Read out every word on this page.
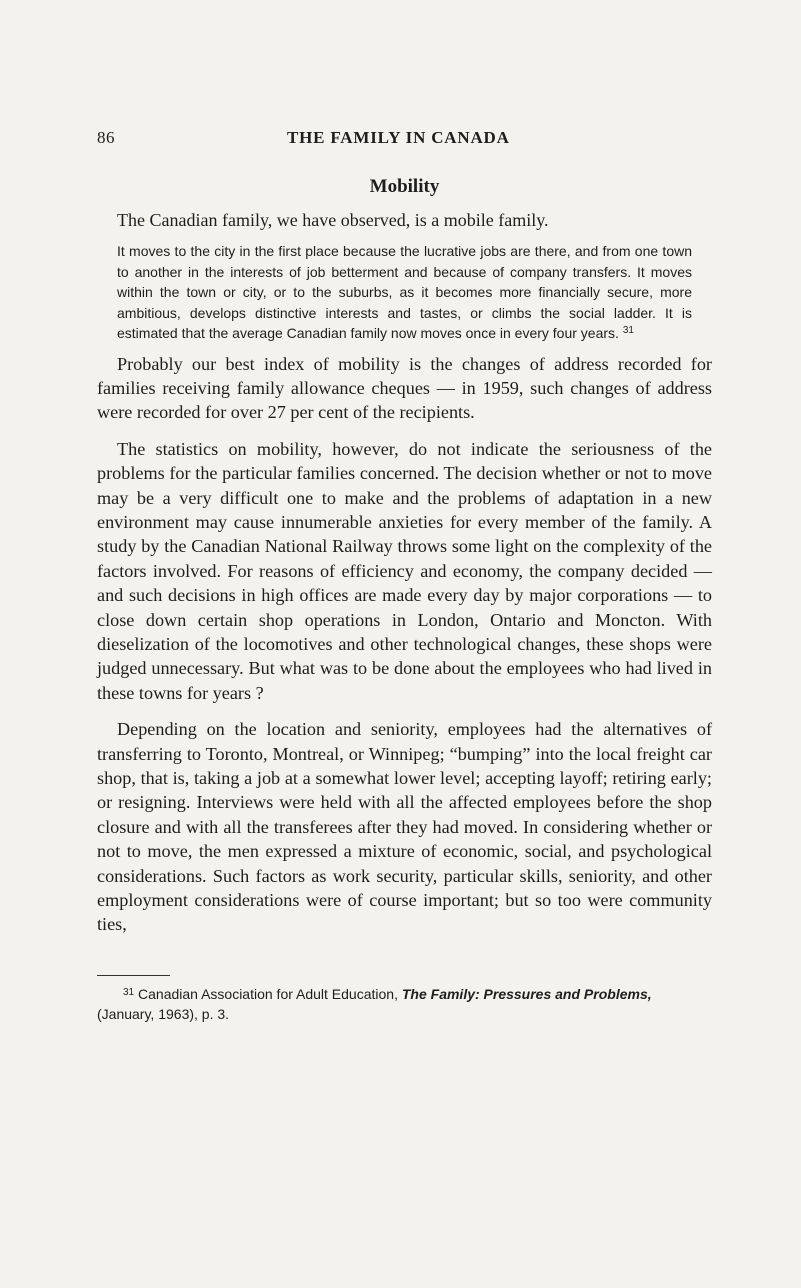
86	THE FAMILY IN CANADA
Mobility

The Canadian family, we have observed, is a mobile family.

It moves to the city in the first place because the lucrative jobs are there, and from one town to another in the interests of job betterment and because of company transfers. It moves within the town or city, or to the suburbs, as it becomes more financially secure, more ambitious, develops distinctive interests and tastes, or climbs the social ladder. It is estimated that the average Canadian family now moves once in every four years. $^{31}$

Probably our best index of mobility is the changes of address recorded for families receiving family allowance cheques — in 1959, such changes of address were recorded for over 27 per cent of the recipients.

The statistics on mobility, however, do not indicate the seriousness of the problems for the particular families concerned. The decision whether or not to move may be a very difficult one to make and the problems of adaptation in a new environment may cause innumerable anxieties for every member of the family. A study by the Canadian National Railway throws some light on the complexity of the factors involved. For reasons of efficiency and economy, the company decided — and such decisions in high offices are made every day by major corporations — to close down certain shop operations in London, Ontario and Moncton. With dieselization of the locomotives and other technological changes, these shops were judged unnecessary. But what was to be done about the employees who had lived in these towns for years ?

Depending on the location and seniority, employees had the alternatives of transferring to Toronto, Montreal, or Winnipeg; “bumping” into the local freight car shop, that is, taking a job at a somewhat lower level; accepting layoff; retiring early; or resigning. Interviews were held with all the affected employees before the shop closure and with all the transferees after they had moved. In considering whether or not to move, the men expressed a mixture of economic, social, and psychological considerations. Such factors as work security, particular skills, seniority, and other employment considerations were of course important; but so too were community ties,

$^{31}$ Canadian Association for Adult Education, The Family: Pressures and Problems, (January, 1963), p. 3.
